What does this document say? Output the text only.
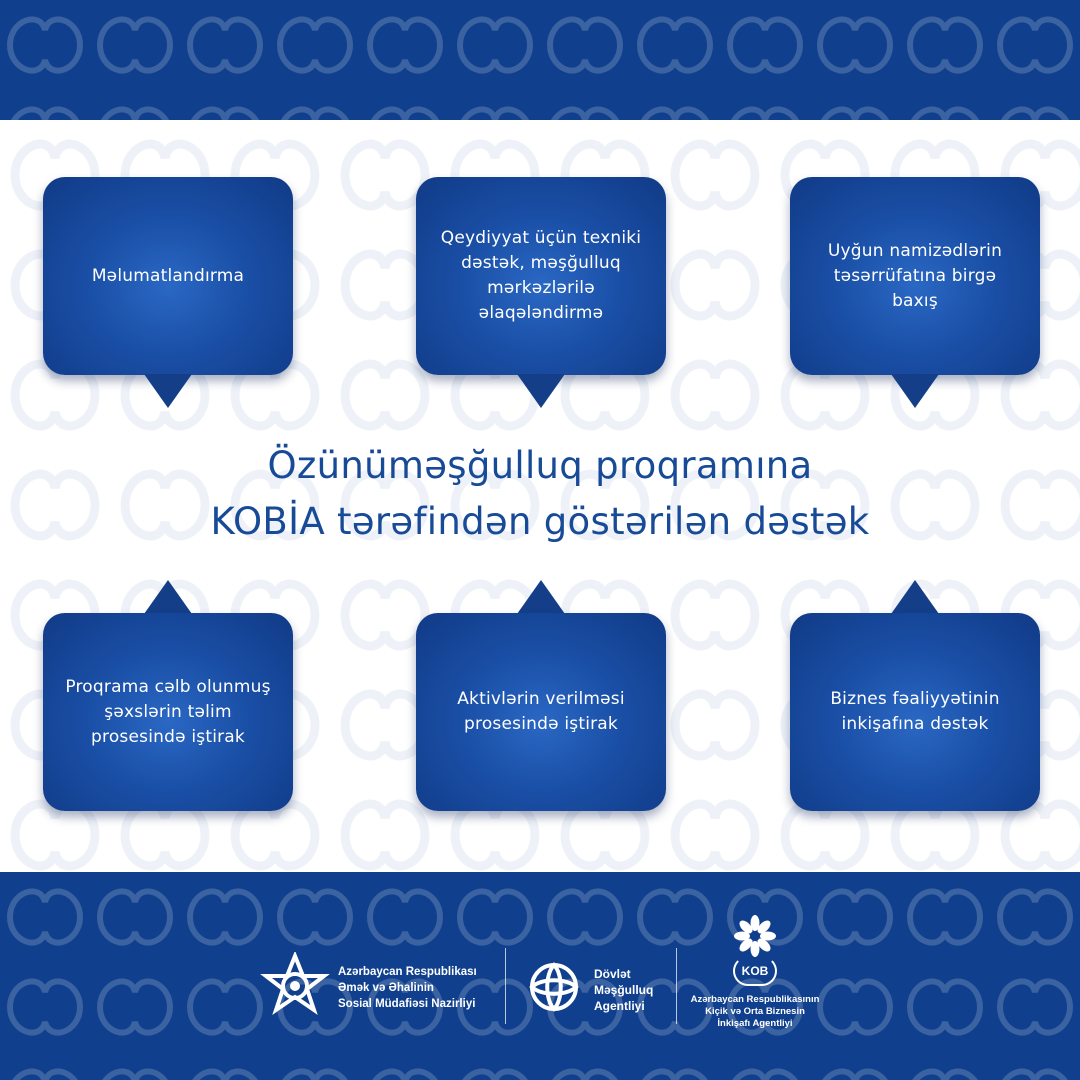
Məlumatlandırma
Qeydiyyat üçün texniki dəstək, məşğulluq mərkəzlərilə əlaqələndirmə
Uyğun namizədlərin təsərrüfatına birgə baxış
Özünüməşğulluq proqramına
KOBİA tərəfindən göstərilən dəstək
Proqrama cəlb olunmuş şəxslərin təlim prosesində iştirak
Aktivlərin verilməsi prosesində iştirak
Biznes fəaliyyətinin inkişafına dəstək
Azərbaycan Respublikası
Əmək və Əhalinin
Sosial Müdafiəsi Nazirliyi
Dövlət
Məşğulluq
Agentliyi
KOB
Azərbaycan Respublikasının
Kiçik və Orta Biznesin
İnkişafı Agentliyi
